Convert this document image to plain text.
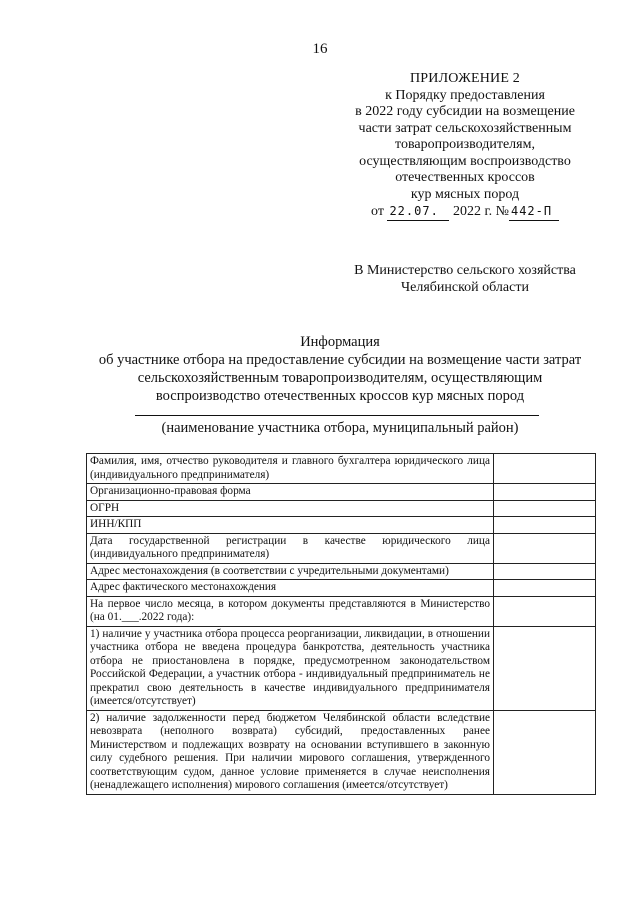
16
ПРИЛОЖЕНИЕ 2
к Порядку предоставления
в 2022 году субсидии на возмещение
части затрат сельскохозяйственным
товаропроизводителям,
осуществляющим воспроизводство
отечественных кроссов
кур мясных пород
от 22.07. 2022 г. № 442-П
В Министерство сельского хозяйства
Челябинской области
Информация
об участнике отбора на предоставление субсидии на возмещение части затрат
сельскохозяйственным товаропроизводителям, осуществляющим
воспроизводство отечественных кроссов кур мясных пород
(наименование участника отбора, муниципальный район)
Фамилия, имя, отчество руководителя и главного бухгалтера юридического лица (индивидуального предпринимателя)	
Организационно-правовая форма	
ОГРН	
ИНН/КПП	
Дата государственной регистрации в качестве юридического лица (индивидуального предпринимателя)	
Адрес местонахождения (в соответствии с учредительными документами)	
Адрес фактического местонахождения	
На первое число месяца, в котором документы представляются в Министерство (на 01.___.2022 года):	
1) наличие у участника отбора процесса реорганизации, ликвидации, в отношении участника отбора не введена процедура банкротства, деятельность участника отбора не приостановлена в порядке, предусмотренном законодательством Российской Федерации, а участник отбора - индивидуальный предприниматель не прекратил свою деятельность в качестве индивидуального предпринимателя (имеется/отсутствует)	
2) наличие задолженности перед бюджетом Челябинской области вследствие невозврата (неполного возврата) субсидий, предоставленных ранее Министерством и подлежащих возврату на основании вступившего в законную силу судебного решения. При наличии мирового соглашения, утвержденного соответствующим судом, данное условие применяется в случае неисполнения (ненадлежащего исполнения) мирового соглашения (имеется/отсутствует)	
